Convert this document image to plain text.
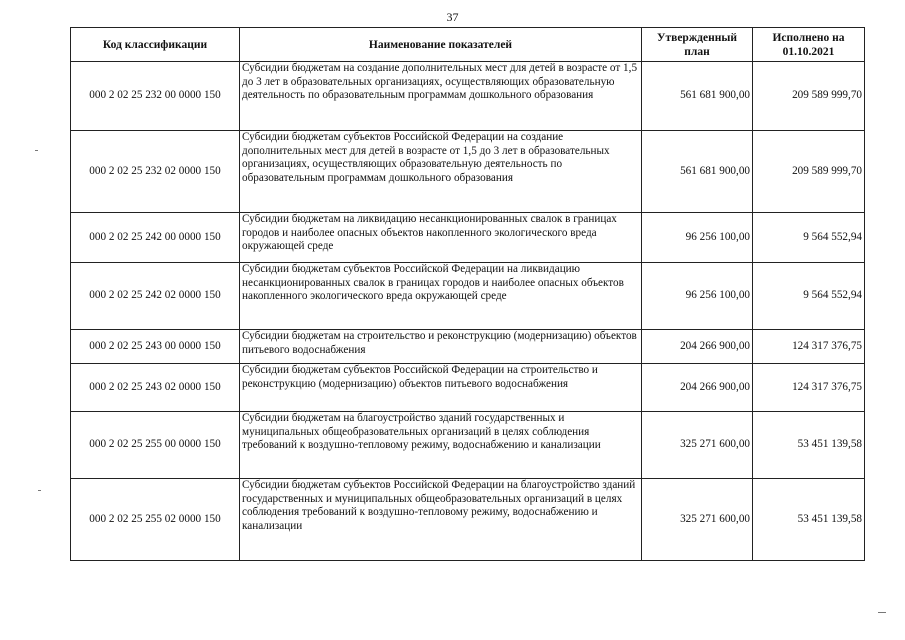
37
Код классификации	Наименование показателей	Утвержденный план	Исполнено на 01.10.2021
000 2 02 25 232 00 0000 150	Субсидии бюджетам на создание дополнительных мест для детей в возрасте от 1,5 до 3 лет в образовательных организациях, осуществляющих образовательную деятельность по образовательным программам дошкольного образования	561 681 900,00	209 589 999,70
000 2 02 25 232 02 0000 150	Субсидии бюджетам субъектов Российской Федерации на создание дополнительных мест для детей в возрасте от 1,5 до 3 лет в образовательных организациях, осуществляющих образовательную деятельность по образовательным программам дошкольного образования	561 681 900,00	209 589 999,70
000 2 02 25 242 00 0000 150	Субсидии бюджетам на ликвидацию несанкционированных свалок в границах городов и наиболее опасных объектов накопленного экологического вреда окружающей среде	96 256 100,00	9 564 552,94
000 2 02 25 242 02 0000 150	Субсидии бюджетам субъектов Российской Федерации на ликвидацию несанкционированных свалок в границах городов и наиболее опасных объектов накопленного экологического вреда окружающей среде	96 256 100,00	9 564 552,94
000 2 02 25 243 00 0000 150	Субсидии бюджетам на строительство и реконструкцию (модернизацию) объектов питьевого водоснабжения	204 266 900,00	124 317 376,75
000 2 02 25 243 02 0000 150	Субсидии бюджетам субъектов Российской Федерации на строительство и реконструкцию (модернизацию) объектов питьевого водоснабжения	204 266 900,00	124 317 376,75
000 2 02 25 255 00 0000 150	Субсидии бюджетам на благоустройство зданий государственных и муниципальных общеобразовательных организаций в целях соблюдения требований к воздушно-тепловому режиму, водоснабжению и канализации	325 271 600,00	53 451 139,58
000 2 02 25 255 02 0000 150	Субсидии бюджетам субъектов Российской Федерации на благоустройство зданий государственных и муниципальных общеобразовательных организаций в целях соблюдения требований к воздушно-тепловому режиму, водоснабжению и канализации	325 271 600,00	53 451 139,58
